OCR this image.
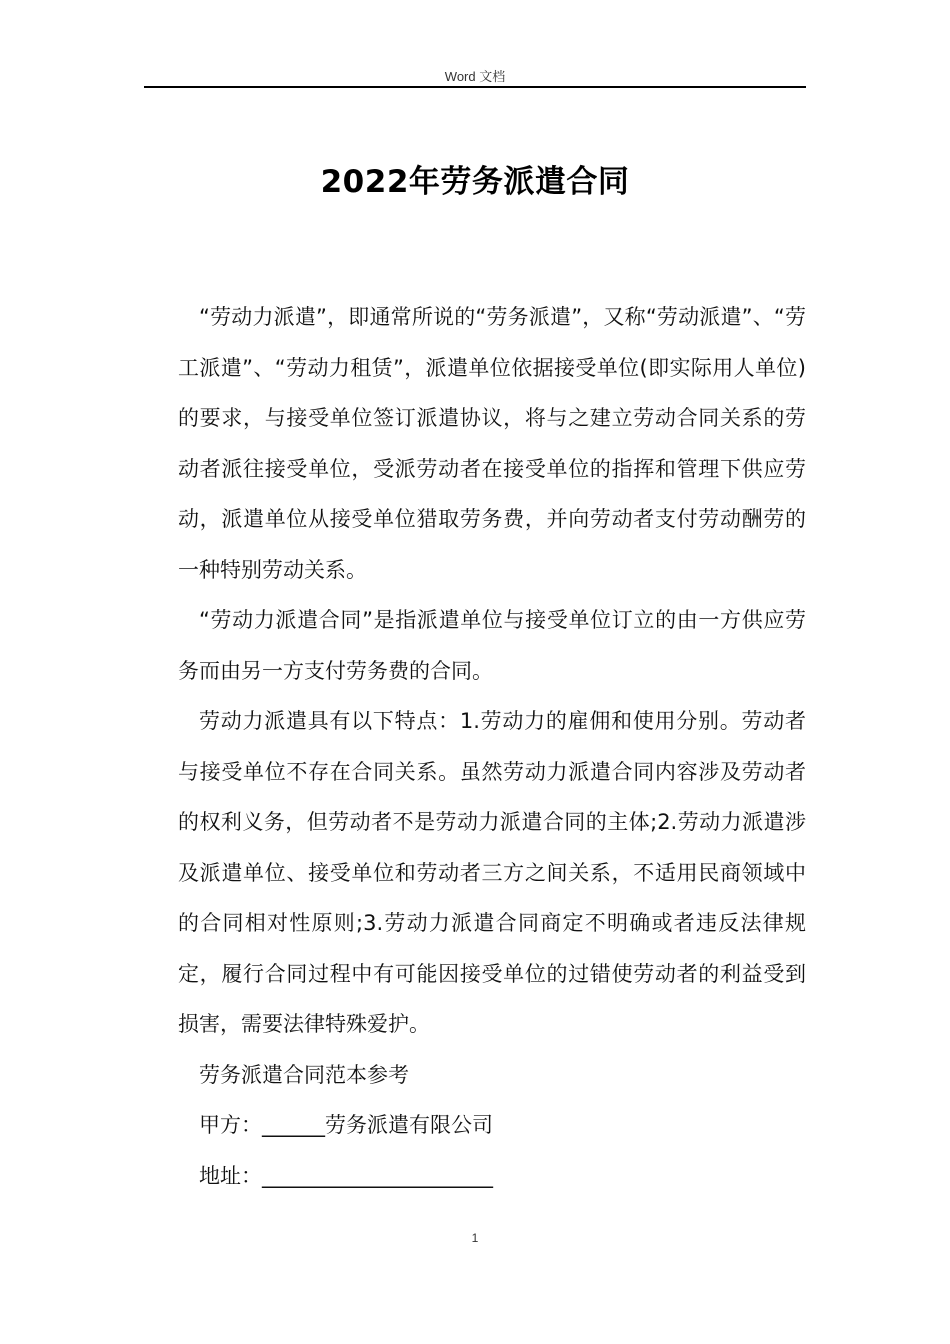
Word 文档
2022年劳务派遣合同

“劳动力派遣”，即通常所说的“劳务派遣”，又称“劳动派遣”、“劳工派遣”、“劳动力租赁”，派遣单位依据接受单位(即实际用人单位)的要求，与接受单位签订派遣协议，将与之建立劳动合同关系的劳动者派往接受单位，受派劳动者在接受单位的指挥和管理下供应劳动，派遣单位从接受单位猎取劳务费，并向劳动者支付劳动酬劳的一种特别劳动关系。

“劳动力派遣合同”是指派遣单位与接受单位订立的由一方供应劳务而由另一方支付劳务费的合同。

劳动力派遣具有以下特点：1.劳动力的雇佣和使用分别。劳动者与接受单位不存在合同关系。虽然劳动力派遣合同内容涉及劳动者的权利义务，但劳动者不是劳动力派遣合同的主体;2.劳动力派遣涉及派遣单位、接受单位和劳动者三方之间关系，不适用民商领域中的合同相对性原则;3.劳动力派遣合同商定不明确或者违反法律规定，履行合同过程中有可能因接受单位的过错使劳动者的利益受到损害，需要法律特殊爱护。

劳务派遣合同范本参考

甲方：______劳务派遣有限公司

地址：______________________

1
